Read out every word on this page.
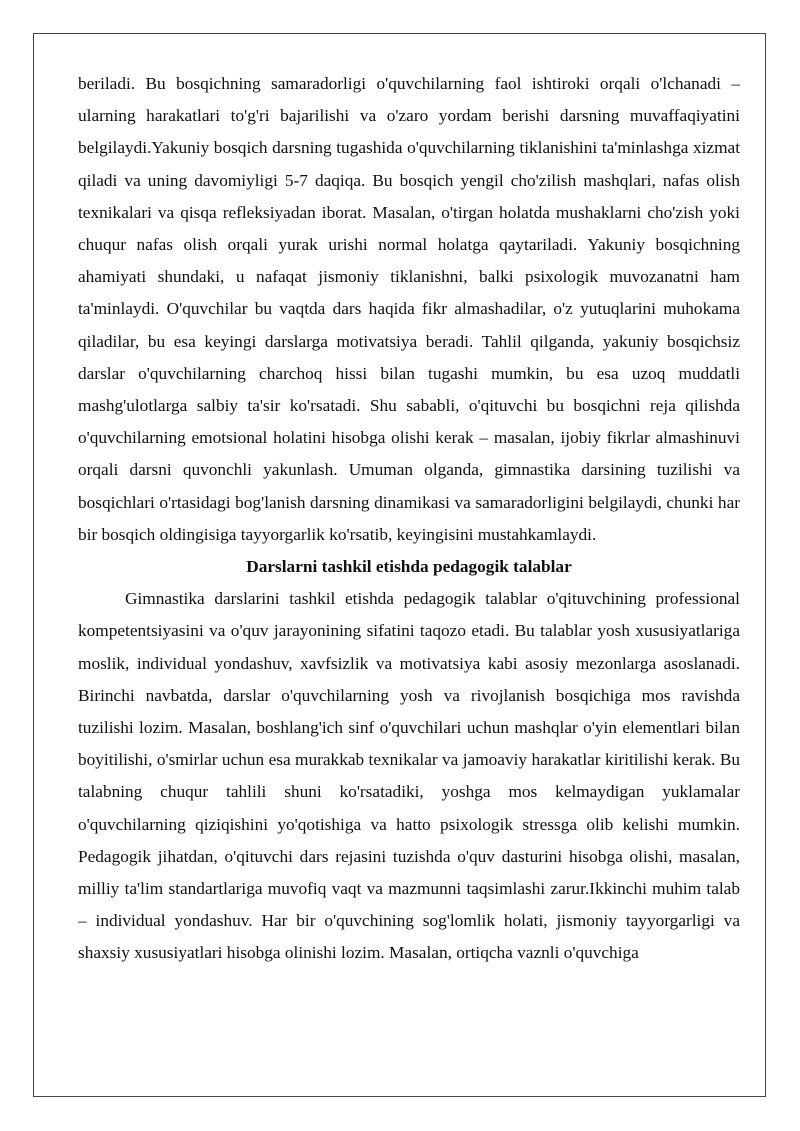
beriladi. Bu bosqichning samaradorligi o'quvchilarning faol ishtiroki orqali o'lchanadi – ularning harakatlari to'g'ri bajarilishi va o'zaro yordam berishi darsning muvaffaqiyatini belgilaydi.Yakuniy bosqich darsning tugashida o'quvchilarning tiklanishini ta'minlashga xizmat qiladi va uning davomiyligi 5-7 daqiqa. Bu bosqich yengil cho'zilish mashqlari, nafas olish texnikalari va qisqa refleksiyadan iborat. Masalan, o'tirgan holatda mushaklarni cho'zish yoki chuqur nafas olish orqali yurak urishi normal holatga qaytariladi. Yakuniy bosqichning ahamiyati shundaki, u nafaqat jismoniy tiklanishni, balki psixologik muvozanatni ham ta'minlaydi. O'quvchilar bu vaqtda dars haqida fikr almashadilar, o'z yutuqlarini muhokama qiladilar, bu esa keyingi darslarga motivatsiya beradi. Tahlil qilganda, yakuniy bosqichsiz darslar o'quvchilarning charchoq hissi bilan tugashi mumkin, bu esa uzoq muddatli mashg'ulotlarga salbiy ta'sir ko'rsatadi. Shu sababli, o'qituvchi bu bosqichni reja qilishda o'quvchilarning emotsional holatini hisobga olishi kerak – masalan, ijobiy fikrlar almashinuvi orqali darsni quvonchli yakunlash. Umuman olganda, gimnastika darsining tuzilishi va bosqichlari o'rtasidagi bog'lanish darsning dinamikasi va samaradorligini belgilaydi, chunki har bir bosqich oldingisiga tayyorgarlik ko'rsatib, keyingisini mustahkamlaydi.

Darslarni tashkil etishda pedagogik talablar

Gimnastika darslarini tashkil etishda pedagogik talablar o'qituvchining professional kompetentsiyasini va o'quv jarayonining sifatini taqozo etadi. Bu talablar yosh xususiyatlariga moslik, individual yondashuv, xavfsizlik va motivatsiya kabi asosiy mezonlarga asoslanadi. Birinchi navbatda, darslar o'quvchilarning yosh va rivojlanish bosqichiga mos ravishda tuzilishi lozim. Masalan, boshlang'ich sinf o'quvchilari uchun mashqlar o'yin elementlari bilan boyitilishi, o'smirlar uchun esa murakkab texnikalar va jamoaviy harakatlar kiritilishi kerak. Bu talabning chuqur tahlili shuni ko'rsatadiki, yoshga mos kelmaydigan yuklamalar o'quvchilarning qiziqishini yo'qotishiga va hatto psixologik stressga olib kelishi mumkin. Pedagogik jihatdan, o'qituvchi dars rejasini tuzishda o'quv dasturini hisobga olishi, masalan, milliy ta'lim standartlariga muvofiq vaqt va mazmunni taqsimlashi zarur.Ikkinchi muhim talab – individual yondashuv. Har bir o'quvchining sog'lomlik holati, jismoniy tayyorgarligi va shaxsiy xususiyatlari hisobga olinishi lozim. Masalan, ortiqcha vaznli o'quvchiga
